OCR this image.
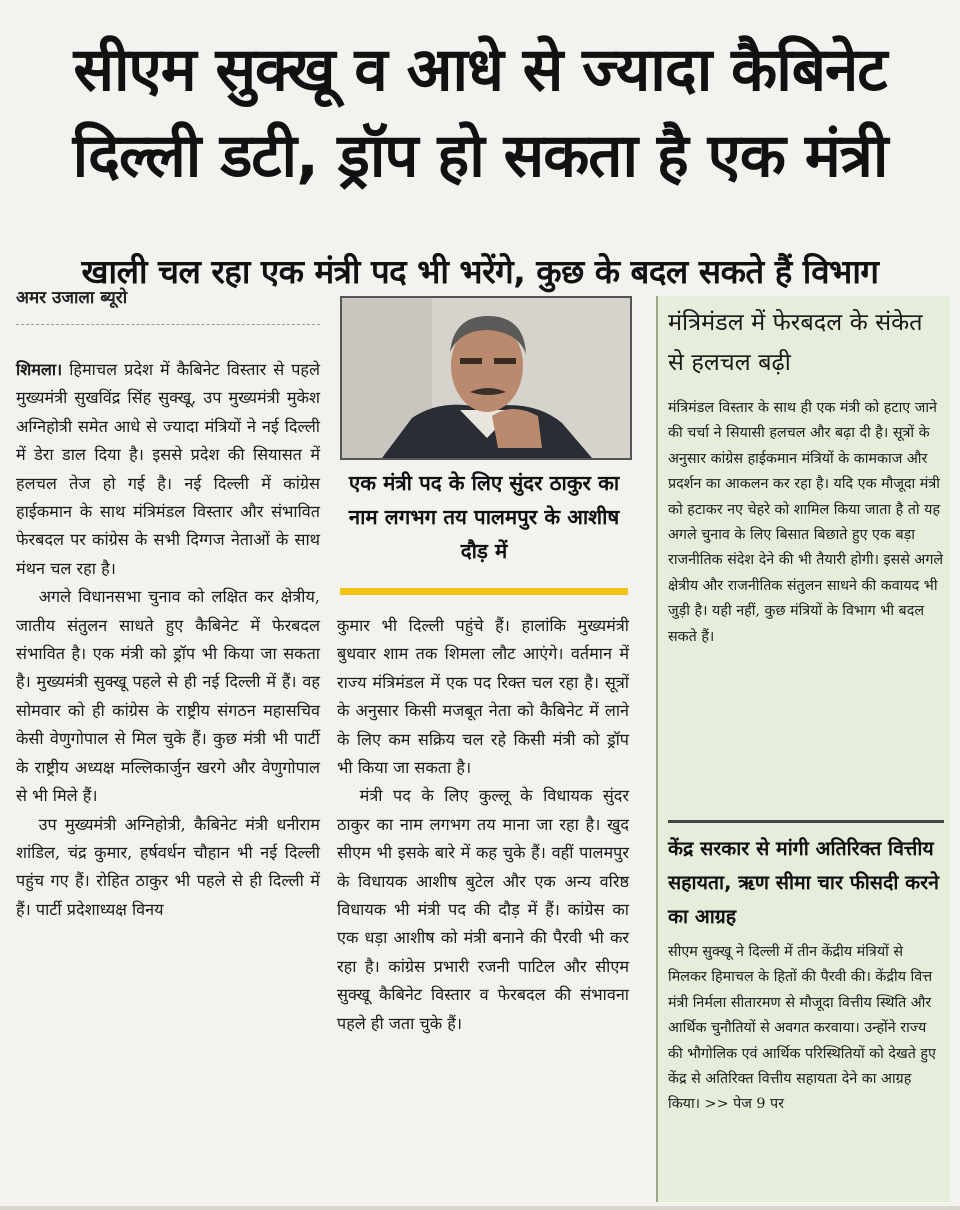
सीएम सुक्खू व आधे से ज्यादा कैबिनेट
दिल्ली डटी, ड्रॉप हो सकता है एक मंत्री
खाली चल रहा एक मंत्री पद भी भरेंगे, कुछ के बदल सकते हैं विभाग
अमर उजाला ब्यूरो

शिमला। हिमाचल प्रदेश में कैबिनेट विस्तार से पहले मुख्यमंत्री सुखविंद्र सिंह सुक्खू, उप मुख्यमंत्री मुकेश अग्निहोत्री समेत आधे से ज्यादा मंत्रियों ने नई दिल्ली में डेरा डाल दिया है। इससे प्रदेश की सियासत में हलचल तेज हो गई है। नई दिल्ली में कांग्रेस हाईकमान के साथ मंत्रिमंडल विस्तार और संभावित फेरबदल पर कांग्रेस के सभी दिग्गज नेताओं के साथ मंथन चल रहा है।

अगले विधानसभा चुनाव को लक्षित कर क्षेत्रीय, जातीय संतुलन साधते हुए कैबिनेट में फेरबदल संभावित है। एक मंत्री को ड्रॉप भी किया जा सकता है। मुख्यमंत्री सुक्खू पहले से ही नई दिल्ली में हैं। वह सोमवार को ही कांग्रेस के राष्ट्रीय संगठन महासचिव केसी वेणुगोपाल से मिल चुके हैं। कुछ मंत्री भी पार्टी के राष्ट्रीय अध्यक्ष मल्लिकार्जुन खरगे और वेणुगोपाल से भी मिले हैं।

उप मुख्यमंत्री अग्निहोत्री, कैबिनेट मंत्री धनीराम शांडिल, चंद्र कुमार, हर्षवर्धन चौहान भी नई दिल्ली पहुंच गए हैं। रोहित ठाकुर भी पहले से ही दिल्ली में हैं। पार्टी प्रदेशाध्यक्ष विनय

एक मंत्री पद के लिए सुंदर ठाकुर का नाम लगभग तय पालमपुर के आशीष दौड़ में

कुमार भी दिल्ली पहुंचे हैं। हालांकि मुख्यमंत्री बुधवार शाम तक शिमला लौट आएंगे। वर्तमान में राज्य मंत्रिमंडल में एक पद रिक्त चल रहा है। सूत्रों के अनुसार किसी मजबूत नेता को कैबिनेट में लाने के लिए कम सक्रिय चल रहे किसी मंत्री को ड्रॉप भी किया जा सकता है।

मंत्री पद के लिए कुल्लू के विधायक सुंदर ठाकुर का नाम लगभग तय माना जा रहा है। खुद सीएम भी इसके बारे में कह चुके हैं। वहीं पालमपुर के विधायक आशीष बुटेल और एक अन्य वरिष्ठ विधायक भी मंत्री पद की दौड़ में हैं। कांग्रेस का एक धड़ा आशीष को मंत्री बनाने की पैरवी भी कर रहा है। कांग्रेस प्रभारी रजनी पाटिल और सीएम सुक्खू कैबिनेट विस्तार व फेरबदल की संभावना पहले ही जता चुके हैं।

मंत्रिमंडल में फेरबदल के संकेत से हलचल बढ़ी

मंत्रिमंडल विस्तार के साथ ही एक मंत्री को हटाए जाने की चर्चा ने सियासी हलचल और बढ़ा दी है। सूत्रों के अनुसार कांग्रेस हाईकमान मंत्रियों के कामकाज और प्रदर्शन का आकलन कर रहा है। यदि एक मौजूदा मंत्री को हटाकर नए चेहरे को शामिल किया जाता है तो यह अगले चुनाव के लिए बिसात बिछाते हुए एक बड़ा राजनीतिक संदेश देने की भी तैयारी होगी। इससे अगले क्षेत्रीय और राजनीतिक संतुलन साधने की कवायद भी जुड़ी है। यही नहीं, कुछ मंत्रियों के विभाग भी बदल सकते हैं।

केंद्र सरकार से मांगी अतिरिक्त वित्तीय सहायता, ऋण सीमा चार फीसदी करने का आग्रह

सीएम सुक्खू ने दिल्ली में तीन केंद्रीय मंत्रियों से मिलकर हिमाचल के हितों की पैरवी की। केंद्रीय वित्त मंत्री निर्मला सीतारमण से मौजूदा वित्तीय स्थिति और आर्थिक चुनौतियों से अवगत करवाया। उन्होंने राज्य की भौगोलिक एवं आर्थिक परिस्थितियों को देखते हुए केंद्र से अतिरिक्त वित्तीय सहायता देने का आग्रह किया। >> पेज 9 पर
